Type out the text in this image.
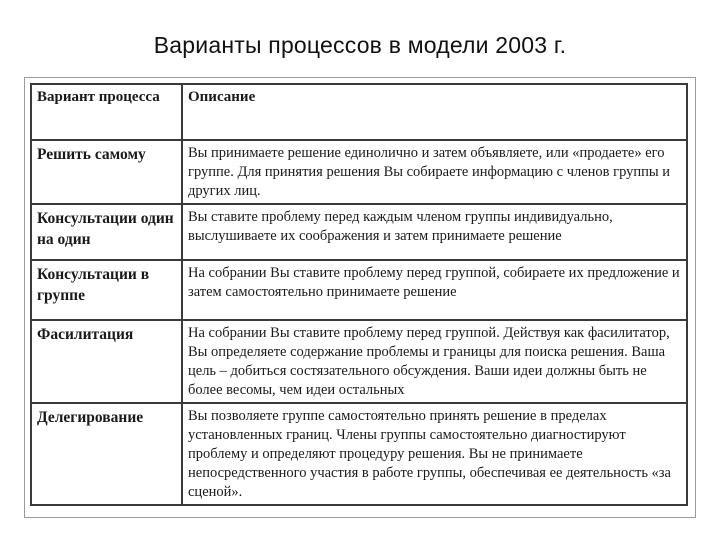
Варианты процессов в модели 2003 г.
Вариант процесса	Описание
Решить самому	Вы принимаете решение единолично и затем объявляете, или «продаете» его группе. Для принятия решения Вы собираете информацию с членов группы и других лиц.
Консультации один на один	Вы ставите проблему перед каждым членом группы индивидуально, выслушиваете их соображения и затем принимаете решение
Консультации в группе	На собрании Вы ставите проблему перед группой, собираете их предложение и затем самостоятельно принимаете решение
Фасилитация	На собрании Вы ставите проблему перед группой. Действуя как фасилитатор, Вы определяете содержание проблемы и границы для поиска решения. Ваша цель – добиться состязательного обсуждения. Ваши идеи должны быть не более весомы, чем идеи остальных
Делегирование	Вы позволяете группе самостоятельно принять решение в пределах установленных границ. Члены группы самостоятельно диагностируют проблему и определяют процедуру решения. Вы не принимаете непосредственного участия в работе группы, обеспечивая ее деятельность «за сценой».
